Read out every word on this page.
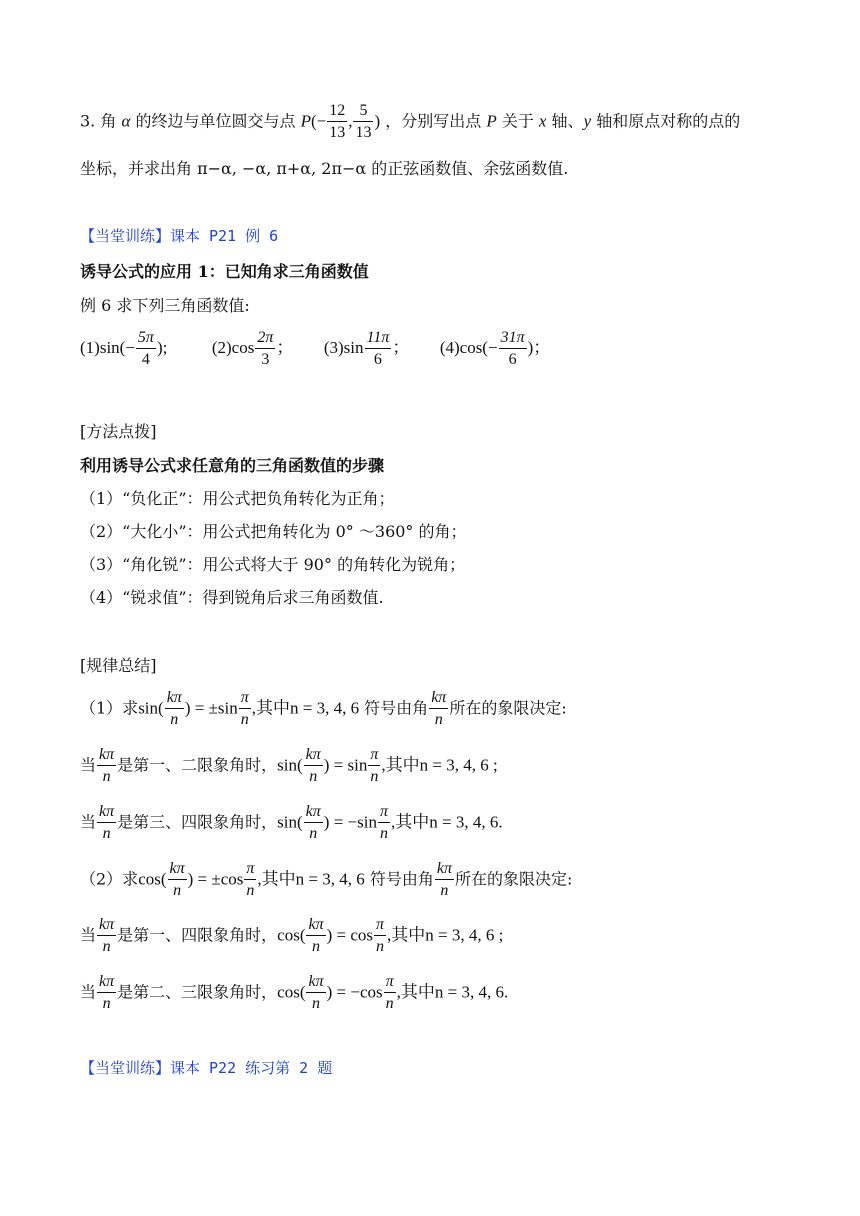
3. 角 α 的终边与单位圆交与点 $P(- \frac{12}{13}$ , $\frac{5}{13}$ ) ，分别写出点 P 关于 x 轴、y 轴和原点对称的点的
坐标，并求出角 π−α, −α, π+α, 2π−α 的正弦函数值、余弦函数值.
【当堂训练】课本 P21 例 6
诱导公式的应用 1：已知角求三角函数值
例 6 求下列三角函数值:
$(1)\sin(- \frac{5\pi}{4}$ );	$(2)\cos \frac{2\pi}{3}$ ； $(3)\sin \frac{11\pi}{6}$ ； $(4)\cos(- \frac{31\pi}{6}$ )；
[方法点拨]
利用诱导公式求任意角的三角函数值的步骤
（1）“负化正”：用公式把负角转化为正角；
（2）“大化小”：用公式把角转化为 0° ～360° 的角；
（3）“角化锐”：用公式将大于 90° 的角转化为锐角；
（4）“锐求值”：得到锐角后求三角函数值.
[规律总结]
（1）求$\sin( \frac{k\pi}{n}$ ) = $\pm\sin \frac{\pi}{n}$ ,其中n = 3, 4, 6 符号由角 $\frac{k\pi}{n}$ 所在的象限决定:
当 $\frac{k\pi}{n}$ 是第一、二限象角时，$\sin( \frac{k\pi}{n}$ ) = $\sin \frac{\pi}{n}$ ,其中n = 3, 4, 6 ;
当 $\frac{k\pi}{n}$ 是第三、四限象角时，$\sin( \frac{k\pi}{n}$ ) = $-\sin \frac{\pi}{n}$ ,其中n = 3, 4, 6.
（2）求$\cos( \frac{k\pi}{n}$ ) = $\pm\cos \frac{\pi}{n}$ ,其中n = 3, 4, 6 符号由角 $\frac{k\pi}{n}$ 所在的象限决定:
当 $\frac{k\pi}{n}$ 是第一、四限象角时，$\cos( \frac{k\pi}{n}$ ) = $\cos \frac{\pi}{n}$ ,其中n = 3, 4, 6 ;
当 $\frac{k\pi}{n}$ 是第二、三限象角时，$\cos( \frac{k\pi}{n}$ ) = $-\cos \frac{\pi}{n}$ ,其中n = 3, 4, 6.
【当堂训练】课本 P22 练习第 2 题
